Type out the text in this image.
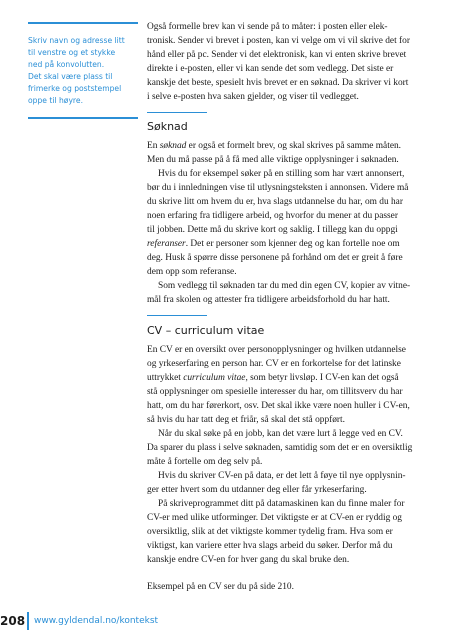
Skriv navn og adresse litt
til venstre og et stykke
ned på konvolutten.
Det skal være plass til
frimerke og poststempel
oppe til høyre.
Også formelle brev kan vi sende på to måter: i posten eller elek-
tronisk. Sender vi brevet i posten, kan vi velge om vi vil skrive det for
hånd eller på pc. Sender vi det elektronisk, kan vi enten skrive brevet
direkte i e-posten, eller vi kan sende det som vedlegg. Det siste er
kanskje det beste, spesielt hvis brevet er en søknad. Da skriver vi kort
i selve e-posten hva saken gjelder, og viser til vedlegget.
Søknad
En søknad er også et formelt brev, og skal skrives på samme måten.
Men du må passe på å få med alle viktige opplysninger i søknaden.
Hvis du for eksempel søker på en stilling som har vært annonsert,
bør du i innledningen vise til utlysningsteksten i annonsen. Videre må
du skrive litt om hvem du er, hva slags utdannelse du har, om du har
noen erfaring fra tidligere arbeid, og hvorfor du mener at du passer
til jobben. Dette må du skrive kort og saklig. I tillegg kan du oppgi
referanser. Det er personer som kjenner deg og kan fortelle noe om
deg. Husk å spørre disse personene på forhånd om det er greit å føre
dem opp som referanse.
Som vedlegg til søknaden tar du med din egen CV, kopier av vitne-
mål fra skolen og attester fra tidligere arbeidsforhold du har hatt.
CV – curriculum vitae
En CV er en oversikt over personopplysninger og hvilken utdannelse
og yrkeserfaring en person har. CV er en forkortelse for det latinske
uttrykket curriculum vitae, som betyr livsløp. I CV-en kan det også
stå opplysninger om spesielle interesser du har, om tillitsverv du har
hatt, om du har førerkort, osv. Det skal ikke være noen huller i CV-en,
så hvis du har tatt deg et friår, så skal det stå oppført.
Når du skal søke på en jobb, kan det være lurt å legge ved en CV.
Da sparer du plass i selve søknaden, samtidig som det er en oversiktlig
måte å fortelle om deg selv på.
Hvis du skriver CV-en på data, er det lett å føye til nye opplysnin-
ger etter hvert som du utdanner deg eller får yrkeserfaring.
På skriveprogrammet ditt på datamaskinen kan du finne maler for
CV-er med ulike utforminger. Det viktigste er at CV-en er ryddig og
oversiktlig, slik at det viktigste kommer tydelig fram. Hva som er
viktigst, kan variere etter hva slags arbeid du søker. Derfor må du
kanskje endre CV-en for hver gang du skal bruke den.
Eksempel på en CV ser du på side 210.
208 www.gyldendal.no/kontekst
